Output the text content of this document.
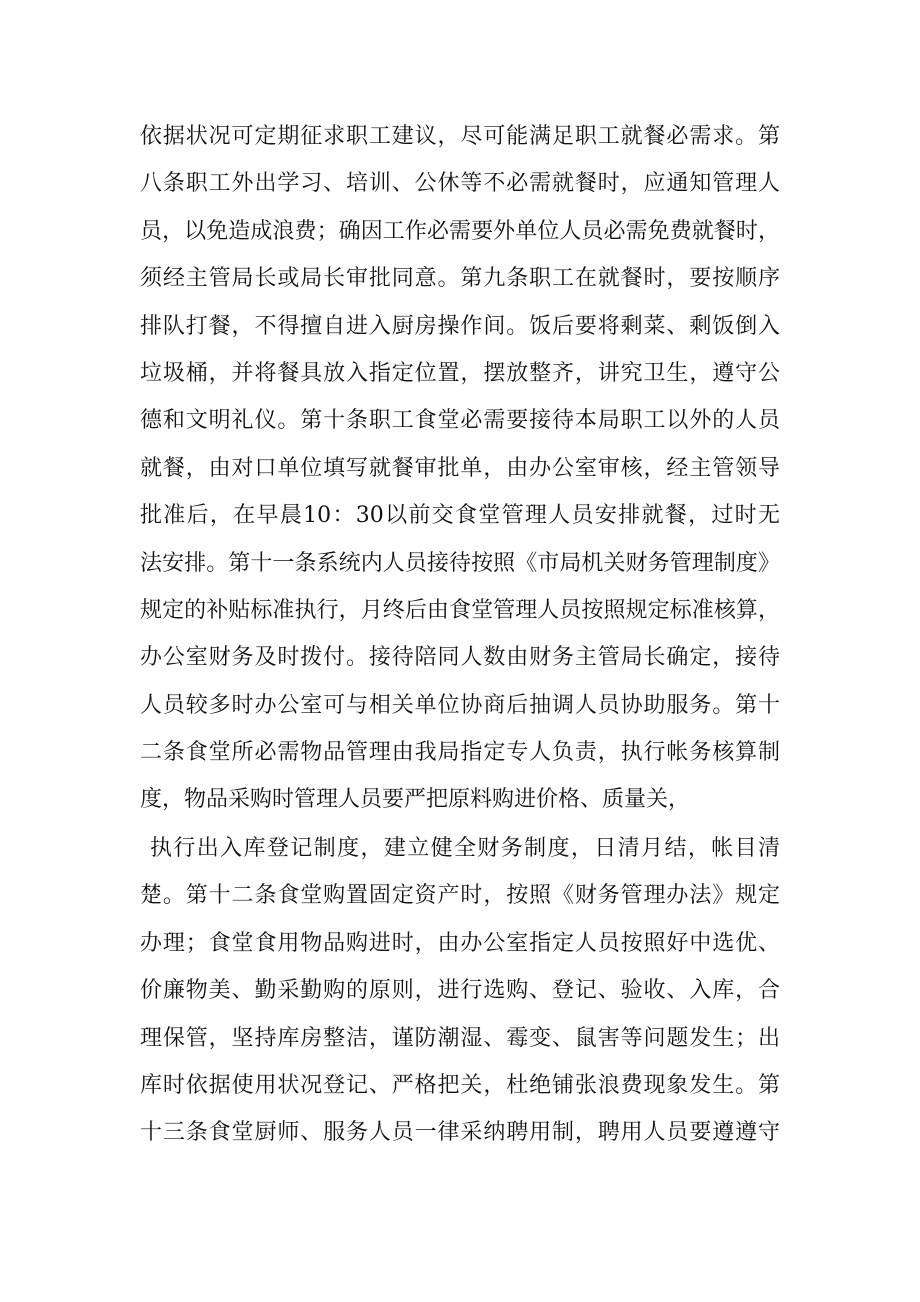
依据状况可定期征求职工建议，尽可能满足职工就餐必需求。第
八条职工外出学习、培训、公休等不必需就餐时，应通知管理人
员，以免造成浪费；确因工作必需要外单位人员必需免费就餐时，
须经主管局长或局长审批同意。第九条职工在就餐时，要按顺序
排队打餐，不得擅自进入厨房操作间。饭后要将剩菜、剩饭倒入
垃圾桶，并将餐具放入指定位置，摆放整齐，讲究卫生，遵守公
德和文明礼仪。第十条职工食堂必需要接待本局职工以外的人员
就餐，由对口单位填写就餐审批单，由办公室审核，经主管领导
批准后，在早晨10：30以前交食堂管理人员安排就餐，过时无
法安排。第十一条系统内人员接待按照《市局机关财务管理制度》
规定的补贴标准执行，月终后由食堂管理人员按照规定标准核算，
办公室财务及时拨付。接待陪同人数由财务主管局长确定，接待
人员较多时办公室可与相关单位协商后抽调人员协助服务。第十
二条食堂所必需物品管理由我局指定专人负责，执行帐务核算制
度，物品采购时管理人员要严把原料购进价格、质量关，
执行出入库登记制度，建立健全财务制度，日清月结，帐目清
楚。第十二条食堂购置固定资产时，按照《财务管理办法》规定
办理；食堂食用物品购进时，由办公室指定人员按照好中选优、
价廉物美、勤采勤购的原则，进行选购、登记、验收、入库，合
理保管，坚持库房整洁，谨防潮湿、霉变、鼠害等问题发生；出
库时依据使用状况登记、严格把关，杜绝铺张浪费现象发生。第
十三条食堂厨师、服务人员一律采纳聘用制，聘用人员要遵遵守
